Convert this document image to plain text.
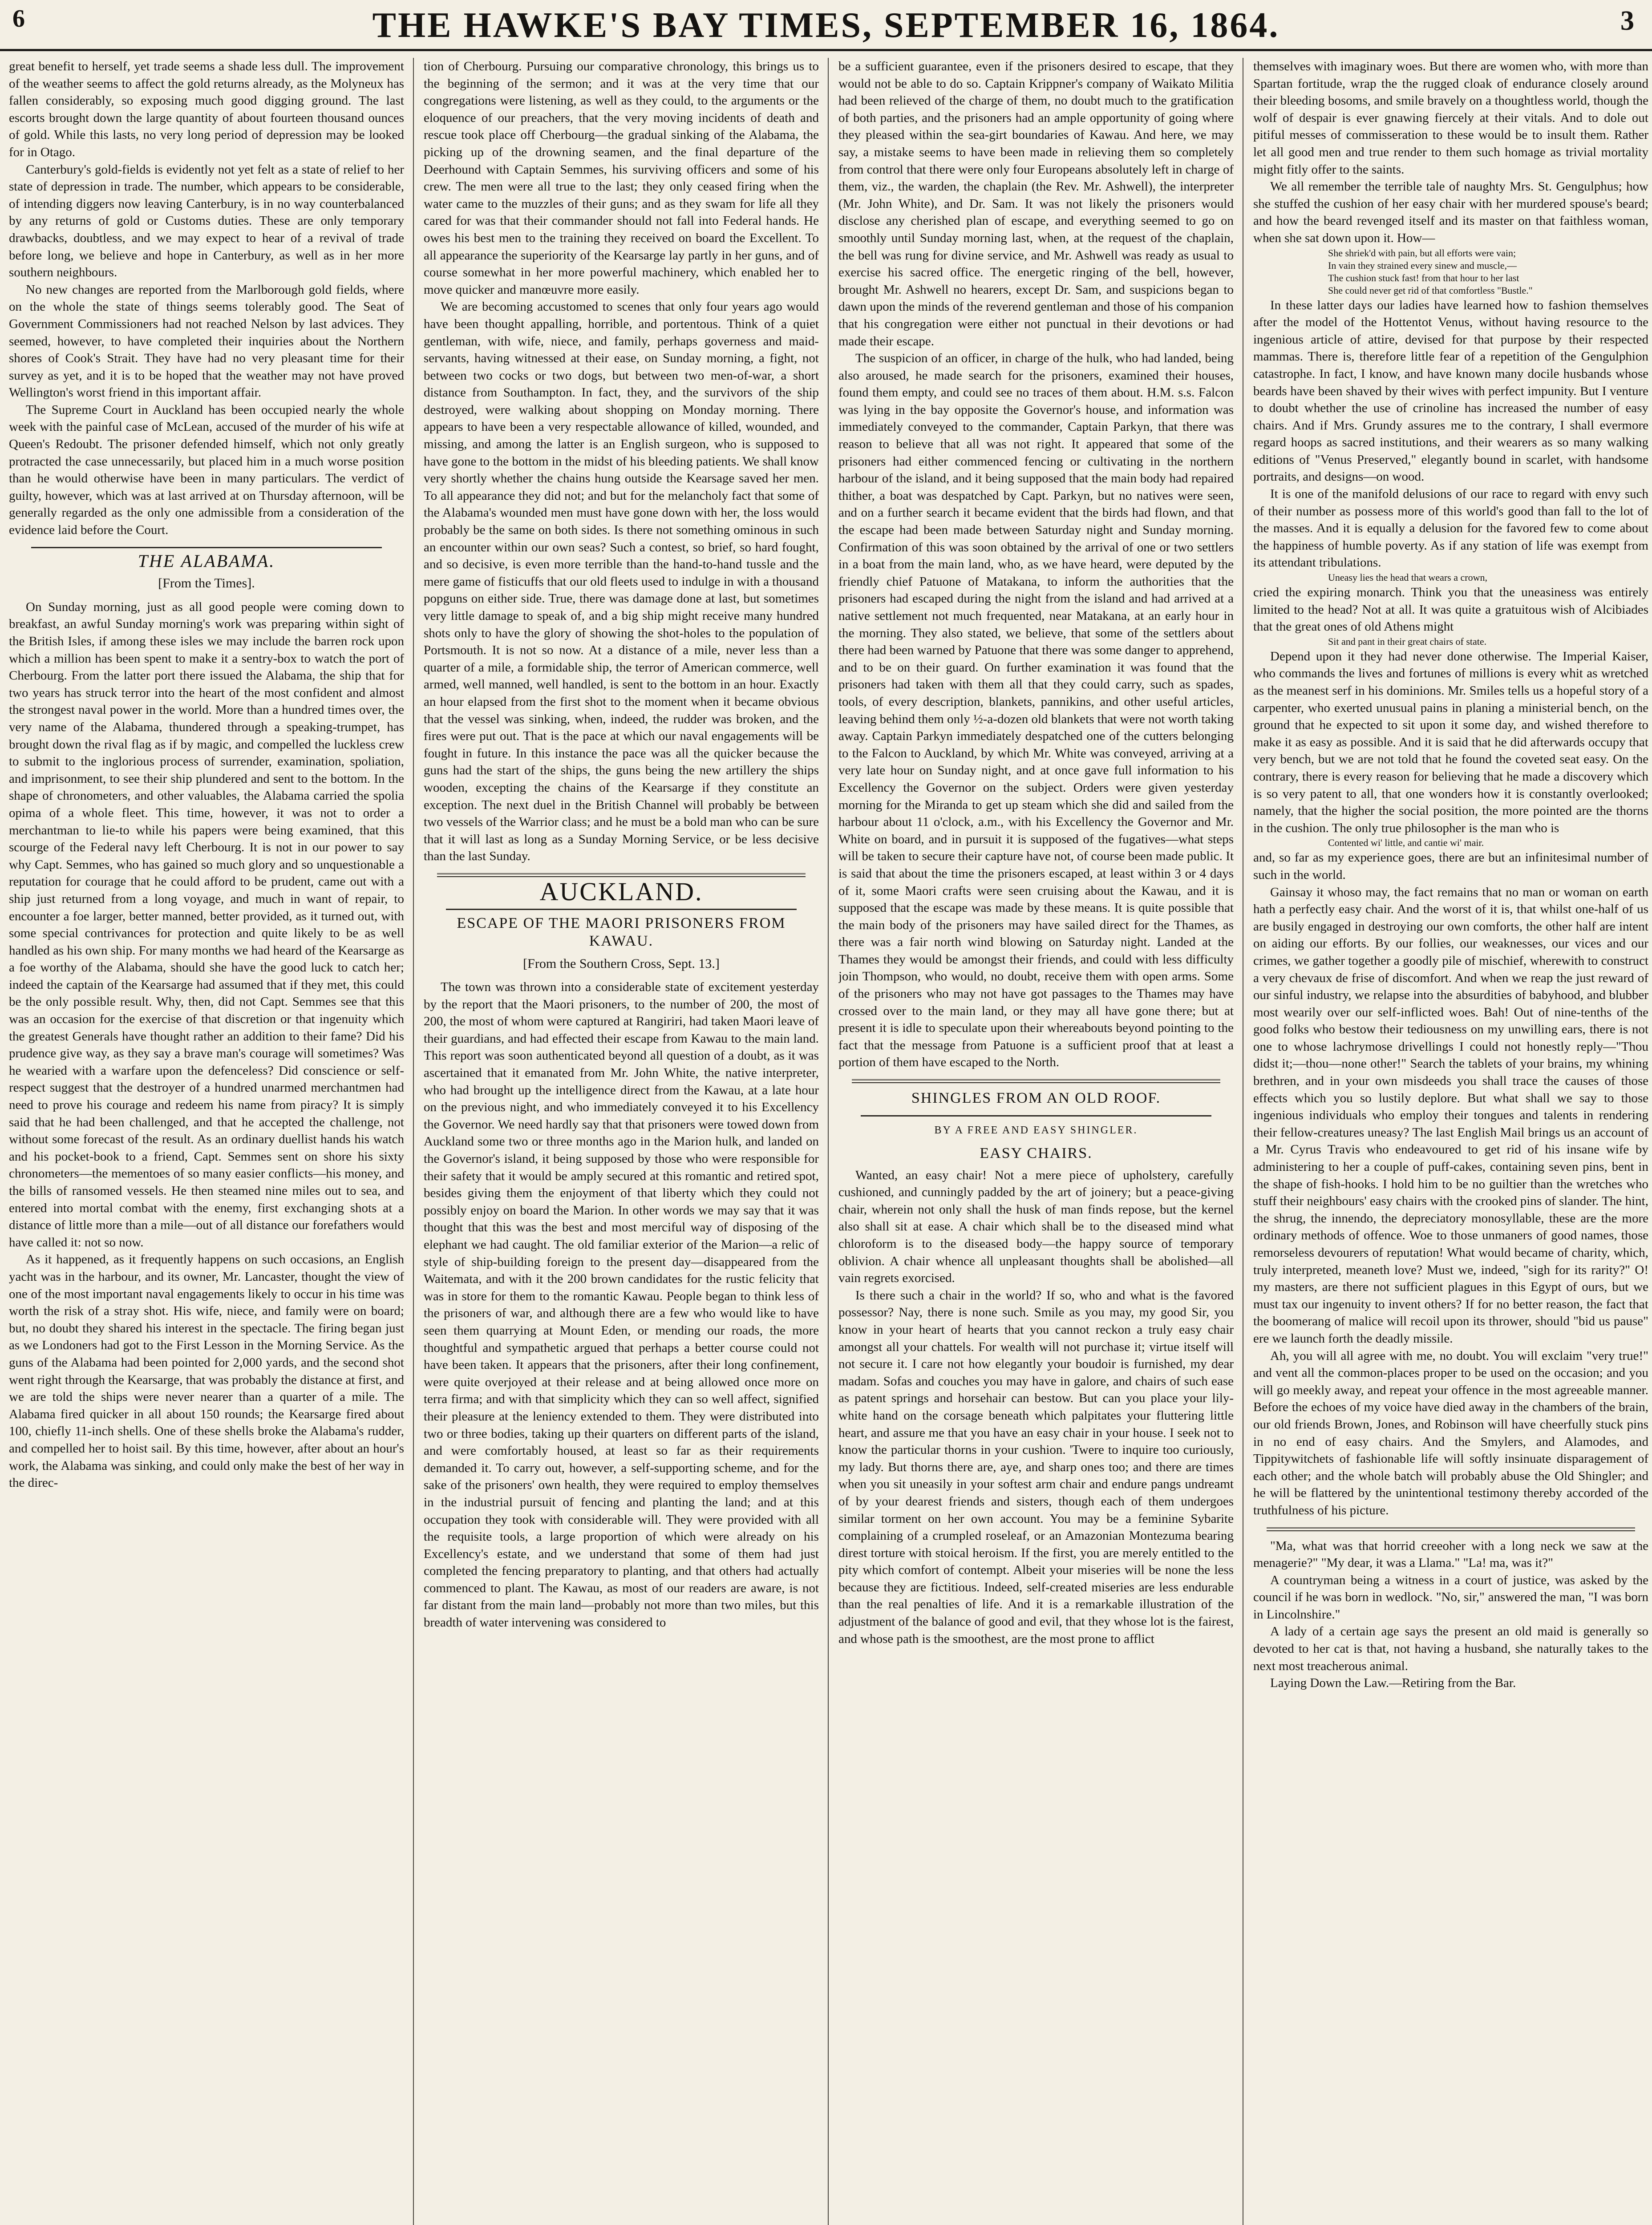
6	THE HAWKE'S BAY TIMES, SEPTEMBER 16, 1864.	3

great benefit to herself, yet trade seems a shade less dull. The improvement of the weather seems to affect the gold returns already, as the Molyneux has fallen considerably, so exposing much good digging ground. The last escorts brought down the large quantity of about fourteen thousand ounces of gold. While this lasts, no very long period of depression may be looked for in Otago.

Canterbury's gold-fields is evidently not yet felt as a state of relief to her state of depression in trade. The number, which appears to be considerable, of intending diggers now leaving Canterbury, is in no way counterbalanced by any returns of gold or Customs duties. These are only temporary drawbacks, doubtless, and we may expect to hear of a revival of trade before long, we believe and hope in Canterbury, as well as in her more southern neighbours.

No new changes are reported from the Marlborough gold fields, where on the whole the state of things seems tolerably good. The Seat of Government Commissioners had not reached Nelson by last advices. They seemed, however, to have completed their inquiries about the Northern shores of Cook's Strait. They have had no very pleasant time for their survey as yet, and it is to be hoped that the weather may not have proved Wellington's worst friend in this important affair.

The Supreme Court in Auckland has been occupied nearly the whole week with the painful case of McLean, accused of the murder of his wife at Queen's Redoubt. The prisoner defended himself, which not only greatly protracted the case unnecessarily, but placed him in a much worse position than he would otherwise have been in many particulars. The verdict of guilty, however, which was at last arrived at on Thursday afternoon, will be generally regarded as the only one admissible from a consideration of the evidence laid before the Court.

THE ALABAMA.
[From the Times].

On Sunday morning, just as all good people were coming down to breakfast, an awful Sunday morning's work was preparing within sight of the British Isles, if among these isles we may include the barren rock upon which a million has been spent to make it a sentry-box to watch the port of Cherbourg. From the latter port there issued the Alabama, the ship that for two years has struck terror into the heart of the most confident and almost the strongest naval power in the world. More than a hundred times over, the very name of the Alabama, thundered through a speaking-trumpet, has brought down the rival flag as if by magic, and compelled the luckless crew to submit to the inglorious process of surrender, examination, spoliation, and imprisonment, to see their ship plundered and sent to the bottom. In the shape of chronometers, and other valuables, the Alabama carried the spolia opima of a whole fleet. This time, however, it was not to order a merchantman to lie-to while his papers were being examined, that this scourge of the Federal navy left Cherbourg. It is not in our power to say why Capt. Semmes, who has gained so much glory and so unquestionable a reputation for courage that he could afford to be prudent, came out with a ship just returned from a long voyage, and much in want of repair, to encounter a foe larger, better manned, better provided, as it turned out, with some special contrivances for protection and quite likely to be as well handled as his own ship. For many months we had heard of the Kearsarge as a foe worthy of the Alabama, should she have the good luck to catch her; indeed the captain of the Kearsarge had assumed that if they met, this could be the only possible result. Why, then, did not Capt. Semmes see that this was an occasion for the exercise of that discretion or that ingenuity which the greatest Generals have thought rather an addition to their fame? Did his prudence give way, as they say a brave man's courage will sometimes? Was he wearied with a warfare upon the defenceless? Did conscience or self-respect suggest that the destroyer of a hundred unarmed merchantmen had need to prove his courage and redeem his name from piracy? It is simply said that he had been challenged, and that he accepted the challenge, not without some forecast of the result. As an ordinary duellist hands his watch and his pocket-book to a friend, Capt. Semmes sent on shore his sixty chronometers—the mementoes of so many easier conflicts—his money, and the bills of ransomed vessels. He then steamed nine miles out to sea, and entered into mortal combat with the enemy, first exchanging shots at a distance of little more than a mile—out of all distance our forefathers would have called it: not so now.

As it happened, as it frequently happens on such occasions, an English yacht was in the harbour, and its owner, Mr. Lancaster, thought the view of one of the most important naval engagements likely to occur in his time was worth the risk of a stray shot. His wife, niece, and family were on board; but, no doubt they shared his interest in the spectacle. The firing began just as we Londoners had got to the First Lesson in the Morning Service. As the guns of the Alabama had been pointed for 2,000 yards, and the second shot went right through the Kearsarge, that was probably the distance at first, and we are told the ships were never nearer than a quarter of a mile. The Alabama fired quicker in all about 150 rounds; the Kearsarge fired about 100, chiefly 11-inch shells. One of these shells broke the Alabama's rudder, and compelled her to hoist sail. By this time, however, after about an hour's work, the Alabama was sinking, and could only make the best of her way in the direc-

tion of Cherbourg. Pursuing our comparative chronology, this brings us to the beginning of the sermon; and it was at the very time that our congregations were listening, as well as they could, to the arguments or the eloquence of our preachers, that the very moving incidents of death and rescue took place off Cherbourg—the gradual sinking of the Alabama, the picking up of the drowning seamen, and the final departure of the Deerhound with Captain Semmes, his surviving officers and some of his crew. The men were all true to the last; they only ceased firing when the water came to the muzzles of their guns; and as they swam for life all they cared for was that their commander should not fall into Federal hands. He owes his best men to the training they received on board the Excellent. To all appearance the superiority of the Kearsarge lay partly in her guns, and of course somewhat in her more powerful machinery, which enabled her to move quicker and manœuvre more easily.

We are becoming accustomed to scenes that only four years ago would have been thought appalling, horrible, and portentous. Think of a quiet gentleman, with wife, niece, and family, perhaps governess and maid-servants, having witnessed at their ease, on Sunday morning, a fight, not between two cocks or two dogs, but between two men-of-war, a short distance from Southampton. In fact, they, and the survivors of the ship destroyed, were walking about shopping on Monday morning. There appears to have been a very respectable allowance of killed, wounded, and missing, and among the latter is an English surgeon, who is supposed to have gone to the bottom in the midst of his bleeding patients. We shall know very shortly whether the chains hung outside the Kearsage saved her men. To all appearance they did not; and but for the melancholy fact that some of the Alabama's wounded men must have gone down with her, the loss would probably be the same on both sides. Is there not something ominous in such an encounter within our own seas? Such a contest, so brief, so hard fought, and so decisive, is even more terrible than the hand-to-hand tussle and the mere game of fisticuffs that our old fleets used to indulge in with a thousand popguns on either side. True, there was damage done at last, but sometimes very little damage to speak of, and a big ship might receive many hundred shots only to have the glory of showing the shot-holes to the population of Portsmouth. It is not so now. At a distance of a mile, never less than a quarter of a mile, a formidable ship, the terror of American commerce, well armed, well manned, well handled, is sent to the bottom in an hour. Exactly an hour elapsed from the first shot to the moment when it became obvious that the vessel was sinking, when, indeed, the rudder was broken, and the fires were put out. That is the pace at which our naval engagements will be fought in future. In this instance the pace was all the quicker because the guns had the start of the ships, the guns being the new artillery the ships wooden, excepting the chains of the Kearsarge if they constitute an exception. The next duel in the British Channel will probably be between two vessels of the Warrior class; and he must be a bold man who can be sure that it will last as long as a Sunday Morning Service, or be less decisive than the last Sunday.

AUCKLAND.
ESCAPE OF THE MAORI PRISONERS FROM KAWAU.
[From the Southern Cross, Sept. 13.]

The town was thrown into a considerable state of excitement yesterday by the report that the Maori prisoners, to the number of 200, the most of 200, the most of whom were captured at Rangiriri, had taken Maori leave of their guardians, and had effected their escape from Kawau to the main land. This report was soon authenticated beyond all question of a doubt, as it was ascertained that it emanated from Mr. John White, the native interpreter, who had brought up the intelligence direct from the Kawau, at a late hour on the previous night, and who immediately conveyed it to his Excellency the Governor. We need hardly say that that prisoners were towed down from Auckland some two or three months ago in the Marion hulk, and landed on the Governor's island, it being supposed by those who were responsible for their safety that it would be amply secured at this romantic and retired spot, besides giving them the enjoyment of that liberty which they could not possibly enjoy on board the Marion. In other words we may say that it was thought that this was the best and most merciful way of disposing of the elephant we had caught. The old familiar exterior of the Marion—a relic of style of ship-building foreign to the present day—disappeared from the Waitemata, and with it the 200 brown candidates for the rustic felicity that was in store for them to the romantic Kawau. People began to think less of the prisoners of war, and although there are a few who would like to have seen them quarrying at Mount Eden, or mending our roads, the more thoughtful and sympathetic argued that perhaps a better course could not have been taken. It appears that the prisoners, after their long confinement, were quite overjoyed at their release and at being allowed once more on terra firma; and with that simplicity which they can so well affect, signified their pleasure at the leniency extended to them. They were distributed into two or three bodies, taking up their quarters on different parts of the island, and were comfortably housed, at least so far as their requirements demanded it. To carry out, however, a self-supporting scheme, and for the sake of the prisoners' own health, they were required to employ themselves in the industrial pursuit of fencing and planting the land; and at this occupation they took with considerable will. They were provided with all the requisite tools, a large proportion of which were already on his Excellency's estate, and we understand that some of them had just completed the fencing preparatory to planting, and that others had actually commenced to plant. The Kawau, as most of our readers are aware, is not far distant from the main land—probably not more than two miles, but this breadth of water intervening was considered to

be a sufficient guarantee, even if the prisoners desired to escape, that they would not be able to do so. Captain Krippner's company of Waikato Militia had been relieved of the charge of them, no doubt much to the gratification of both parties, and the prisoners had an ample opportunity of going where they pleased within the sea-girt boundaries of Kawau. And here, we may say, a mistake seems to have been made in relieving them so completely from control that there were only four Europeans absolutely left in charge of them, viz., the warden, the chaplain (the Rev. Mr. Ashwell), the interpreter (Mr. John White), and Dr. Sam. It was not likely the prisoners would disclose any cherished plan of escape, and everything seemed to go on smoothly until Sunday morning last, when, at the request of the chaplain, the bell was rung for divine service, and Mr. Ashwell was ready as usual to exercise his sacred office. The energetic ringing of the bell, however, brought Mr. Ashwell no hearers, except Dr. Sam, and suspicions began to dawn upon the minds of the reverend gentleman and those of his companion that his congregation were either not punctual in their devotions or had made their escape.

The suspicion of an officer, in charge of the hulk, who had landed, being also aroused, he made search for the prisoners, examined their houses, found them empty, and could see no traces of them about. H.M. s.s. Falcon was lying in the bay opposite the Governor's house, and information was immediately conveyed to the commander, Captain Parkyn, that there was reason to believe that all was not right. It appeared that some of the prisoners had either commenced fencing or cultivating in the northern harbour of the island, and it being supposed that the main body had repaired thither, a boat was despatched by Capt. Parkyn, but no natives were seen, and on a further search it became evident that the birds had flown, and that the escape had been made between Saturday night and Sunday morning. Confirmation of this was soon obtained by the arrival of one or two settlers in a boat from the main land, who, as we have heard, were deputed by the friendly chief Patuone of Matakana, to inform the authorities that the prisoners had escaped during the night from the island and had arrived at a native settlement not much frequented, near Matakana, at an early hour in the morning. They also stated, we believe, that some of the settlers about there had been warned by Patuone that there was some danger to apprehend, and to be on their guard. On further examination it was found that the prisoners had taken with them all that they could carry, such as spades, tools, of every description, blankets, pannikins, and other useful articles, leaving behind them only ½-a-dozen old blankets that were not worth taking away. Captain Parkyn immediately despatched one of the cutters belonging to the Falcon to Auckland, by which Mr. White was conveyed, arriving at a very late hour on Sunday night, and at once gave full information to his Excellency the Governor on the subject. Orders were given yesterday morning for the Miranda to get up steam which she did and sailed from the harbour about 11 o'clock, a.m., with his Excellency the Governor and Mr. White on board, and in pursuit it is supposed of the fugatives—what steps will be taken to secure their capture have not, of course been made public. It is said that about the time the prisoners escaped, at least within 3 or 4 days of it, some Maori crafts were seen cruising about the Kawau, and it is supposed that the escape was made by these means. It is quite possible that the main body of the prisoners may have sailed direct for the Thames, as there was a fair north wind blowing on Saturday night. Landed at the Thames they would be amongst their friends, and could with less difficulty join Thompson, who would, no doubt, receive them with open arms. Some of the prisoners who may not have got passages to the Thames may have crossed over to the main land, or they may all have gone there; but at present it is idle to speculate upon their whereabouts beyond pointing to the fact that the message from Patuone is a sufficient proof that at least a portion of them have escaped to the North.

SHINGLES FROM AN OLD ROOF.
BY A FREE AND EASY SHINGLER.
EASY CHAIRS.

Wanted, an easy chair! Not a mere piece of upholstery, carefully cushioned, and cunningly padded by the art of joinery; but a peace-giving chair, wherein not only shall the husk of man finds repose, but the kernel also shall sit at ease. A chair which shall be to the diseased mind what chloroform is to the diseased body—the happy source of temporary oblivion. A chair whence all unpleasant thoughts shall be abolished—all vain regrets exorcised.

Is there such a chair in the world? If so, who and what is the favored possessor? Nay, there is none such. Smile as you may, my good Sir, you know in your heart of hearts that you cannot reckon a truly easy chair amongst all your chattels. For wealth will not purchase it; virtue itself will not secure it. I care not how elegantly your boudoir is furnished, my dear madam. Sofas and couches you may have in galore, and chairs of such ease as patent springs and horsehair can bestow. But can you place your lily-white hand on the corsage beneath which palpitates your fluttering little heart, and assure me that you have an easy chair in your house. I seek not to know the particular thorns in your cushion. 'Twere to inquire too curiously, my lady. But thorns there are, aye, and sharp ones too; and there are times when you sit uneasily in your softest arm chair and endure pangs undreamt of by your dearest friends and sisters, though each of them undergoes similar torment on her own account. You may be a feminine Sybarite complaining of a crumpled roseleaf, or an Amazonian Montezuma bearing direst torture with stoical heroism. If the first, you are merely entitled to the pity which comfort of contempt. Albeit your miseries will be none the less because they are fictitious. Indeed, self-created miseries are less endurable than the real penalties of life. And it is a remarkable illustration of the adjustment of the balance of good and evil, that they whose lot is the fairest, and whose path is the smoothest, are the most prone to afflict

themselves with imaginary woes. But there are women who, with more than Spartan fortitude, wrap the the rugged cloak of endurance closely around their bleeding bosoms, and smile bravely on a thoughtless world, though the wolf of despair is ever gnawing fiercely at their vitals. And to dole out pitiful messes of commisseration to these would be to insult them. Rather let all good men and true render to them such homage as trivial mortality might fitly offer to the saints.

We all remember the terrible tale of naughty Mrs. St. Gengulphus; how she stuffed the cushion of her easy chair with her murdered spouse's beard; and how the beard revenged itself and its master on that faithless woman, when she sat down upon it. How—

She shriek'd with pain, but all efforts were vain;

In vain they strained every sinew and muscle,—

The cushion stuck fast! from that hour to her last

She could never get rid of that comfortless "Bustle."

In these latter days our ladies have learned how to fashion themselves after the model of the Hottentot Venus, without having resource to the ingenious article of attire, devised for that purpose by their respected mammas. There is, therefore little fear of a repetition of the Gengulphion catastrophe. In fact, I know, and have known many docile husbands whose beards have been shaved by their wives with perfect impunity. But I venture to doubt whether the use of crinoline has increased the number of easy chairs. And if Mrs. Grundy assures me to the contrary, I shall evermore regard hoops as sacred institutions, and their wearers as so many walking editions of "Venus Preserved," elegantly bound in scarlet, with handsome portraits, and designs—on wood.

It is one of the manifold delusions of our race to regard with envy such of their number as possess more of this world's good than fall to the lot of the masses. And it is equally a delusion for the favored few to come about the happiness of humble poverty. As if any station of life was exempt from its attendant tribulations.

Uneasy lies the head that wears a crown,

cried the expiring monarch. Think you that the uneasiness was entirely limited to the head? Not at all. It was quite a gratuitous wish of Alcibiades that the great ones of old Athens might

Sit and pant in their great chairs of state.

Depend upon it they had never done otherwise. The Imperial Kaiser, who commands the lives and fortunes of millions is every whit as wretched as the meanest serf in his dominions. Mr. Smiles tells us a hopeful story of a carpenter, who exerted unusual pains in planing a ministerial bench, on the ground that he expected to sit upon it some day, and wished therefore to make it as easy as possible. And it is said that he did afterwards occupy that very bench, but we are not told that he found the coveted seat easy. On the contrary, there is every reason for believing that he made a discovery which is so very patent to all, that one wonders how it is constantly overlooked; namely, that the higher the social position, the more pointed are the thorns in the cushion. The only true philosopher is the man who is

Contented wi' little, and cantie wi' mair.

and, so far as my experience goes, there are but an infinitesimal number of such in the world.

Gainsay it whoso may, the fact remains that no man or woman on earth hath a perfectly easy chair. And the worst of it is, that whilst one-half of us are busily engaged in destroying our own comforts, the other half are intent on aiding our efforts. By our follies, our weaknesses, our vices and our crimes, we gather together a goodly pile of mischief, wherewith to construct a very chevaux de frise of discomfort. And when we reap the just reward of our sinful industry, we relapse into the absurdities of babyhood, and blubber most wearily over our self-inflicted woes. Bah! Out of nine-tenths of the good folks who bestow their tediousness on my unwilling ears, there is not one to whose lachrymose drivellings I could not honestly reply—"Thou didst it;—thou—none other!" Search the tablets of your brains, my whining brethren, and in your own misdeeds you shall trace the causes of those effects which you so lustily deplore. But what shall we say to those ingenious individuals who employ their tongues and talents in rendering their fellow-creatures uneasy? The last English Mail brings us an account of a Mr. Cyrus Travis who endeavoured to get rid of his insane wife by administering to her a couple of puff-cakes, containing seven pins, bent in the shape of fish-hooks. I hold him to be no guiltier than the wretches who stuff their neighbours' easy chairs with the crooked pins of slander. The hint, the shrug, the innendo, the depreciatory monosyllable, these are the more ordinary methods of offence. Woe to those unmaners of good names, those remorseless devourers of reputation! What would became of charity, which, truly interpreted, meaneth love? Must we, indeed, "sigh for its rarity?" O! my masters, are there not sufficient plagues in this Egypt of ours, but we must tax our ingenuity to invent others? If for no better reason, the fact that the boomerang of malice will recoil upon its thrower, should "bid us pause" ere we launch forth the deadly missile.

Ah, you will all agree with me, no doubt. You will exclaim "very true!" and vent all the common-places proper to be used on the occasion; and you will go meekly away, and repeat your offence in the most agreeable manner. Before the echoes of my voice have died away in the chambers of the brain, our old friends Brown, Jones, and Robinson will have cheerfully stuck pins in no end of easy chairs. And the Smylers, and Alamodes, and Tippitywitchets of fashionable life will softly insinuate disparagement of each other; and the whole batch will probably abuse the Old Shingler; and he will be flattered by the unintentional testimony thereby accorded of the truthfulness of his picture.

"Ma, what was that horrid creeoher with a long neck we saw at the menagerie?" "My dear, it was a Llama." "La! ma, was it?"

A countryman being a witness in a court of justice, was asked by the council if he was born in wedlock. "No, sir," answered the man, "I was born in Lincolnshire."

A lady of a certain age says the present an old maid is generally so devoted to her cat is that, not having a husband, she naturally takes to the next most treacherous animal.

Laying Down the Law.—Retiring from the Bar.
